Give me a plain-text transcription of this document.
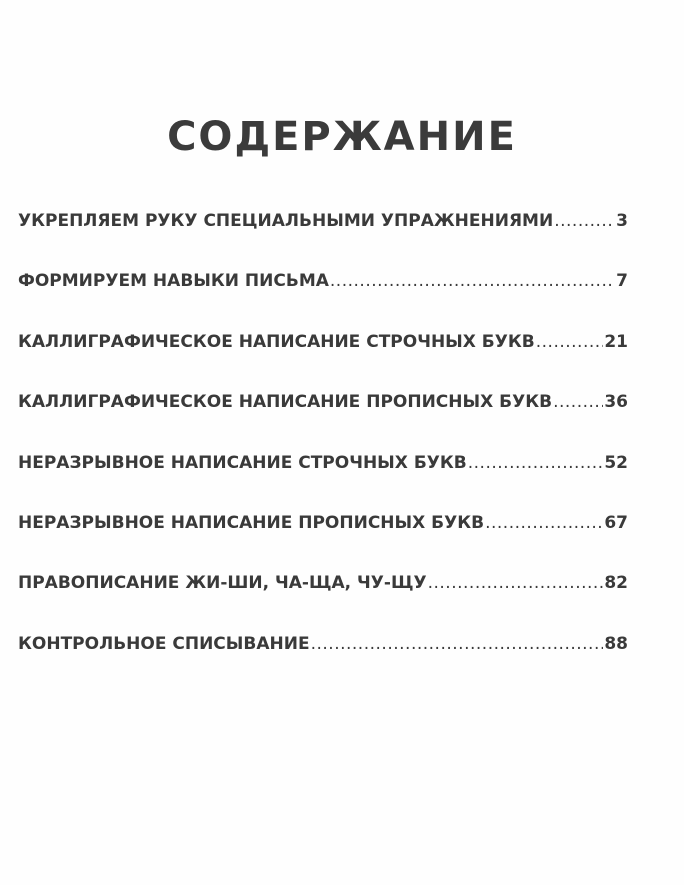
СОДЕРЖАНИЕ
УКРЕПЛЯЕМ РУКУ СПЕЦИАЛЬНЫМИ УПРАЖНЕНИЯМИ .....	3
ФОРМИРУЕМ НАВЫКИ ПИСЬМА .....	7
КАЛЛИГРАФИЧЕСКОЕ НАПИСАНИЕ СТРОЧНЫХ БУКВ .....	21
КАЛЛИГРАФИЧЕСКОЕ НАПИСАНИЕ ПРОПИСНЫХ БУКВ .....	36
НЕРАЗРЫВНОЕ НАПИСАНИЕ СТРОЧНЫХ БУКВ .....	52
НЕРАЗРЫВНОЕ НАПИСАНИЕ ПРОПИСНЫХ БУКВ .....	67
ПРАВОПИСАНИЕ ЖИ-ШИ, ЧА-ЩА, ЧУ-ЩУ .....	82
КОНТРОЛЬНОЕ СПИСЫВАНИЕ .....	88
